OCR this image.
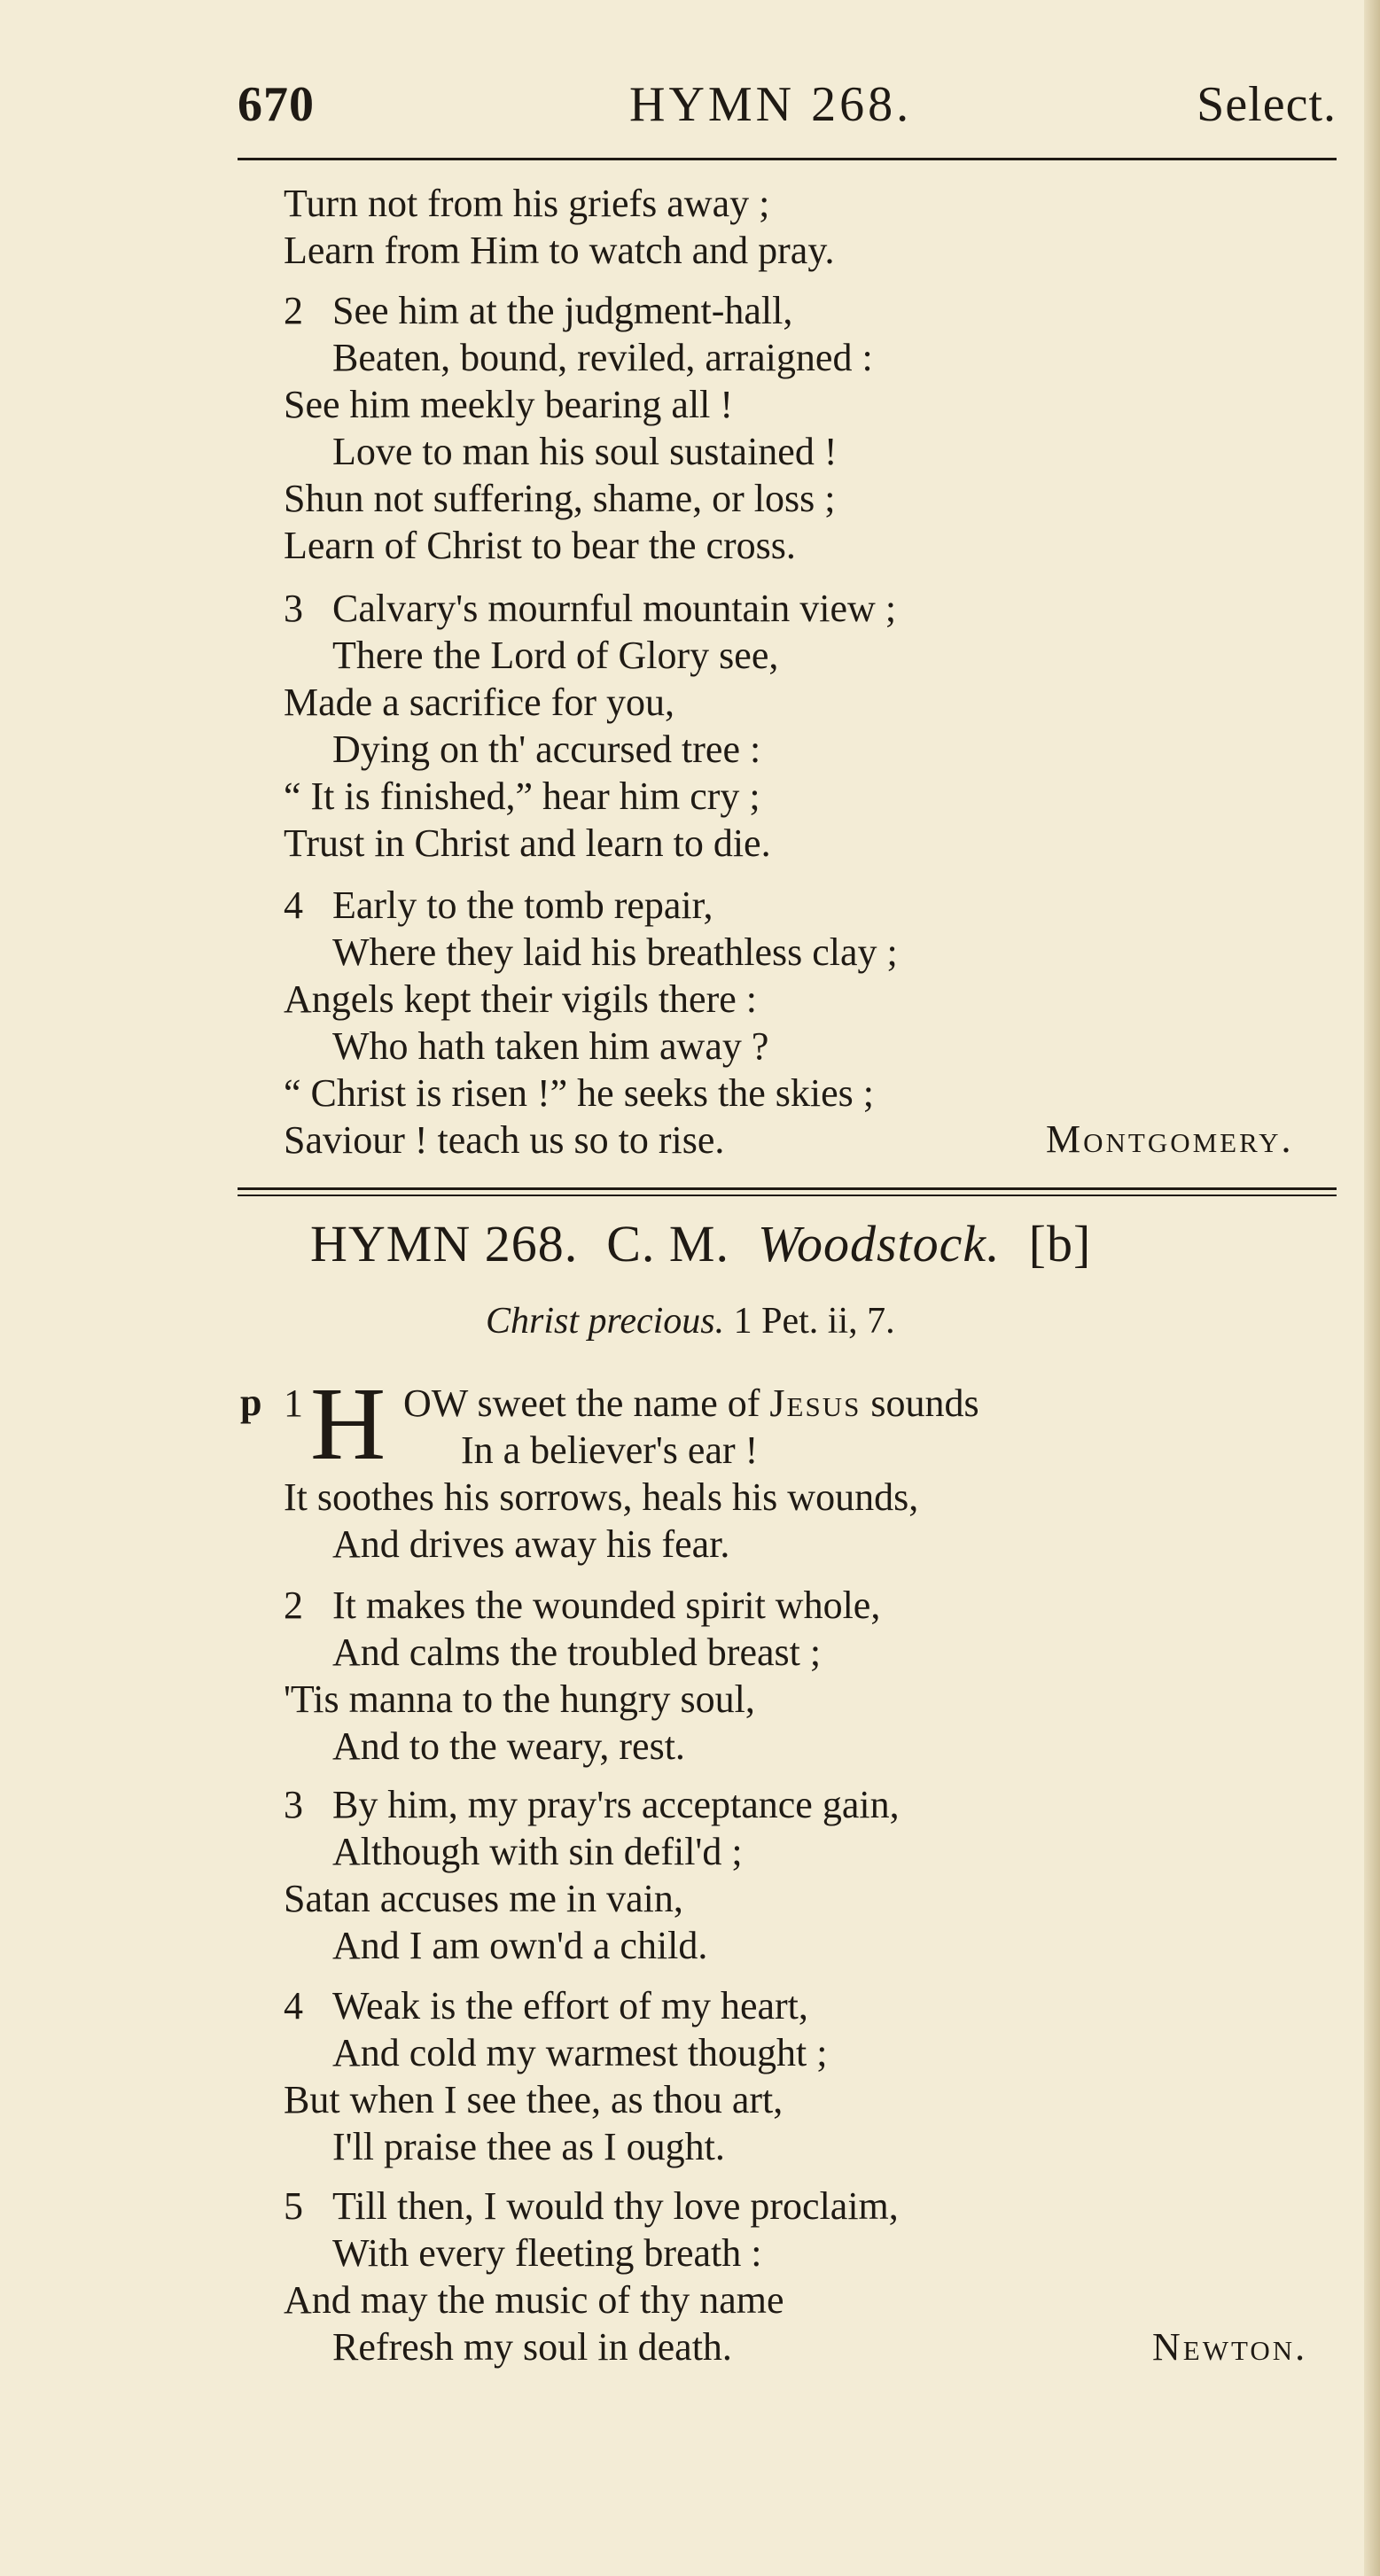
670	HYMN 268.	Select.
Turn not from his griefs away ;
Learn from Him to watch and pray.
2 See him at the judgment-hall,
Beaten, bound, reviled, arraigned :
See him meekly bearing all !
Love to man his soul sustained !
Shun not suffering, shame, or loss ;
Learn of Christ to bear the cross.
3 Calvary's mournful mountain view ;
There the Lord of Glory see,
Made a sacrifice for you,
Dying on th' accursed tree :
“ It is finished,” hear him cry ;
Trust in Christ and learn to die.
4 Early to the tomb repair,
Where they laid his breathless clay ;
Angels kept their vigils there :
Who hath taken him away ?
“ Christ is risen !” he seeks the skies ;
Saviour ! teach us so to rise.	Montgomery.
HYMN 268. C. M. Woodstock. [b]
Christ precious. 1 Pet. ii, 7.
p 1	OW sweet the name of Jesus sounds
In a believer's ear !
It soothes his sorrows, heals his wounds,
And drives away his fear.
H
2 It makes the wounded spirit whole,
And calms the troubled breast ;
'Tis manna to the hungry soul,
And to the weary, rest.
3 By him, my pray'rs acceptance gain,
Although with sin defil'd ;
Satan accuses me in vain,
And I am own'd a child.
4 Weak is the effort of my heart,
And cold my warmest thought ;
But when I see thee, as thou art,
I'll praise thee as I ought.
5 Till then, I would thy love proclaim,
With every fleeting breath :
And may the music of thy name
Refresh my soul in death.	Newton.
